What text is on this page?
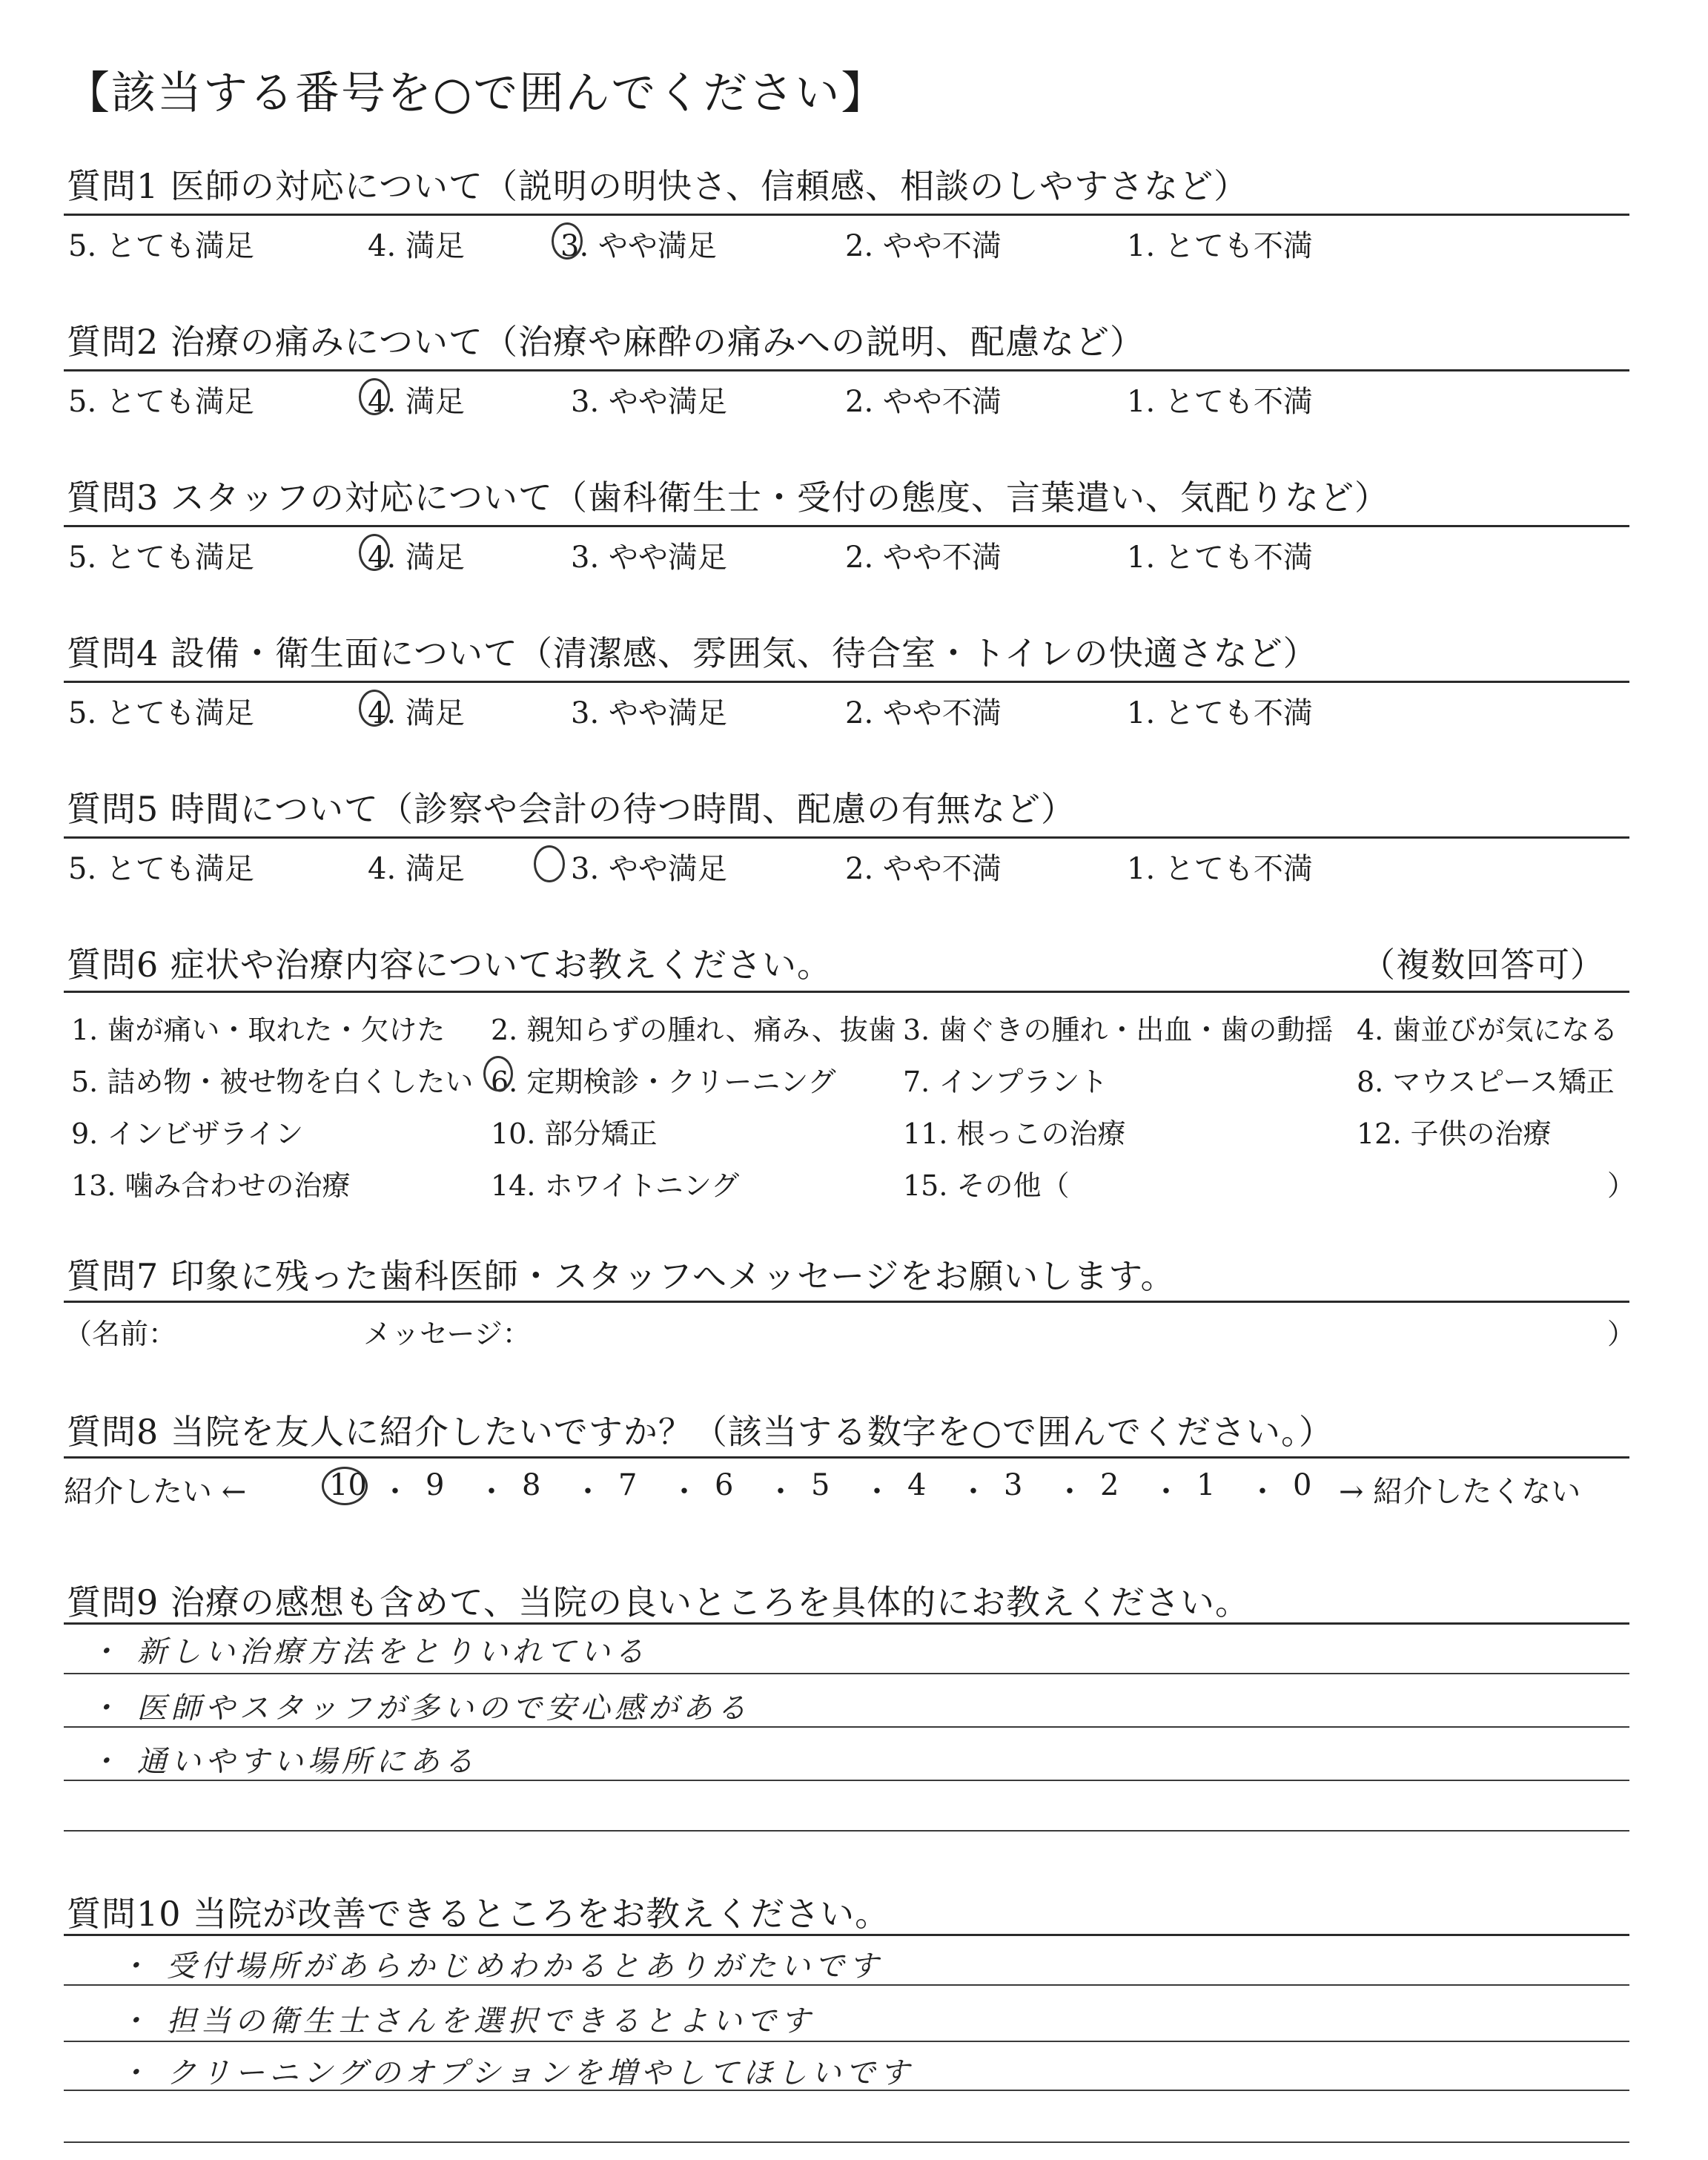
【該当する番号を○で囲んでください】
質問1 医師の対応について（説明の明快さ、信頼感、相談のしやすさなど）
5. とても満足	4. 満足	3. やや満足	2. やや不満	1. とても不満
質問2 治療の痛みについて（治療や麻酔の痛みへの説明、配慮など）
5. とても満足	4. 満足	3. やや満足	2. やや不満	1. とても不満
質問3 スタッフの対応について（歯科衛生士・受付の態度、言葉遣い、気配りなど）
5. とても満足	4. 満足	3. やや満足	2. やや不満	1. とても不満
質問4 設備・衛生面について（清潔感、雰囲気、待合室・トイレの快適さなど）
5. とても満足	4. 満足	3. やや満足	2. やや不満	1. とても不満
質問5 時間について（診察や会計の待つ時間、配慮の有無など）
5. とても満足	4. 満足	3. やや満足	2. やや不満	1. とても不満
質問6 症状や治療内容についてお教えください。	（複数回答可）
1. 歯が痛い・取れた・欠けた 2. 親知らずの腫れ、痛み、抜歯 3. 歯ぐきの腫れ・出血・歯の動揺 4. 歯並びが気になる
5. 詰め物・被せ物を白くしたい 6. 定期検診・クリーニング 7. インプラント	8. マウスピース矯正
9. インビザライン	10. 部分矯正	11. 根っこの治療	12. 子供の治療
13. 噛み合わせの治療	14. ホワイトニング	15. その他（	）
質問7 印象に残った歯科医師・スタッフへメッセージをお願いします。
（名前：	メッセージ：	）
質問8 当院を友人に紹介したいですか？（該当する数字を○で囲んでください。）
紹介したい ←	→ 紹介したくない
10 ・ 9 ・ 8 ・ 7 ・ 6 ・ 5 ・ 4 ・ 3 ・ 2 ・ 1 ・ 0
質問9 治療の感想も含めて、当院の良いところを具体的にお教えください。
・ 新しい治療方法をとりいれている
・ 医師やスタッフが多いので安心感がある
・ 通いやすい場所にある
質問10 当院が改善できるところをお教えください。
・ 受付場所があらかじめわかるとありがたいです
・ 担当の衛生士さんを選択できるとよいです
・ クリーニングのオプションを増やしてほしいです
